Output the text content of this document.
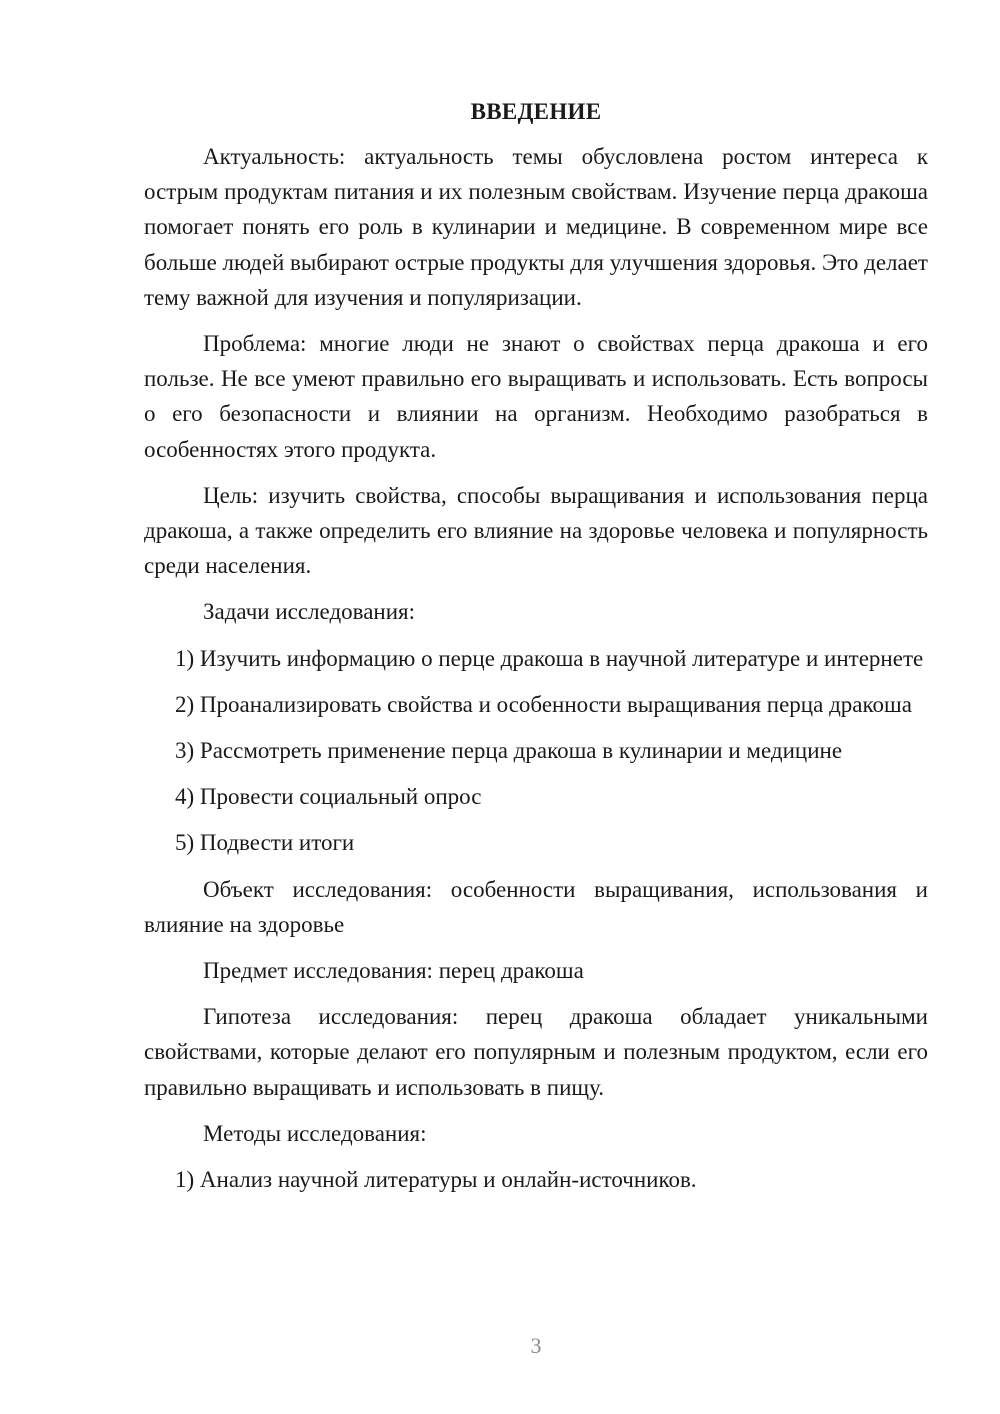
ВВЕДЕНИЕ

Актуальность: актуальность темы обусловлена ростом интереса к острым продуктам питания и их полезным свойствам. Изучение перца дракоша помогает понять его роль в кулинарии и медицине. В современном мире все больше людей выбирают острые продукты для улучшения здоровья. Это делает тему важной для изучения и популяризации.

Проблема: многие люди не знают о свойствах перца дракоша и его пользе. Не все умеют правильно его выращивать и использовать. Есть вопросы о его безопасности и влиянии на организм. Необходимо разобраться в особенностях этого продукта.

Цель: изучить свойства, способы выращивания и использования перца дракоша, а также определить его влияние на здоровье человека и популярность среди населения.

Задачи исследования:

1) Изучить информацию о перце дракоша в научной литературе и интернете

2) Проанализировать свойства и особенности выращивания перца дракоша

3) Рассмотреть применение перца дракоша в кулинарии и медицине

4) Провести социальный опрос

5) Подвести итоги

Объект исследования: особенности выращивания, использования и влияние на здоровье

Предмет исследования: перец дракоша

Гипотеза исследования: перец дракоша обладает уникальными свойствами, которые делают его популярным и полезным продуктом, если его правильно выращивать и использовать в пищу.

Методы исследования:

1) Анализ научной литературы и онлайн-источников.

3
